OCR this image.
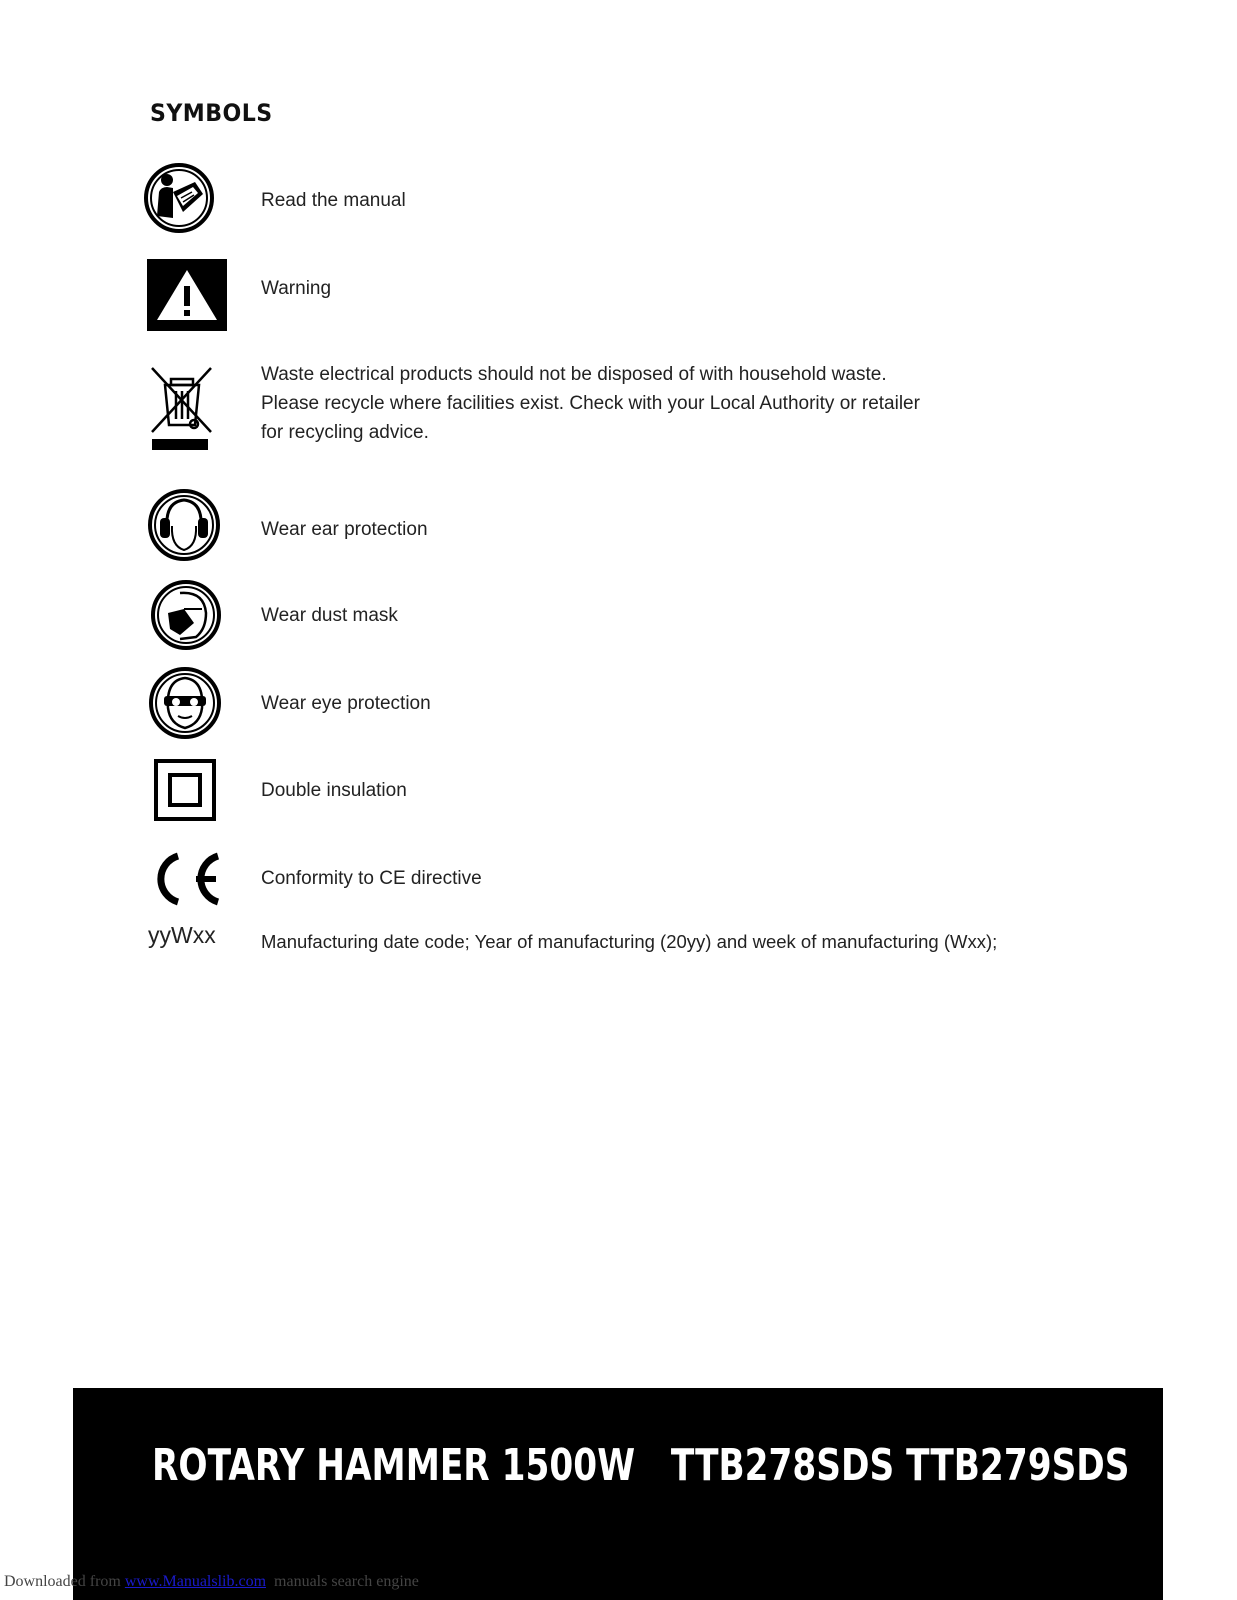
SYMBOLS
Read the manual
Warning
Waste electrical products should not be disposed of with household waste.
Please recycle where facilities exist. Check with your Local Authority or retailer
for recycling advice.
Wear ear protection
Wear dust mask
Wear eye protection
Double insulation
Conformity to CE directive
yyWxx Manufacturing date code; Year of manufacturing (20yy) and week of manufacturing (Wxx);
ROTARY HAMMER 1500W   TTB278SDS TTB279SDS
Downloaded from www.Manualslib.com  manuals search engine
